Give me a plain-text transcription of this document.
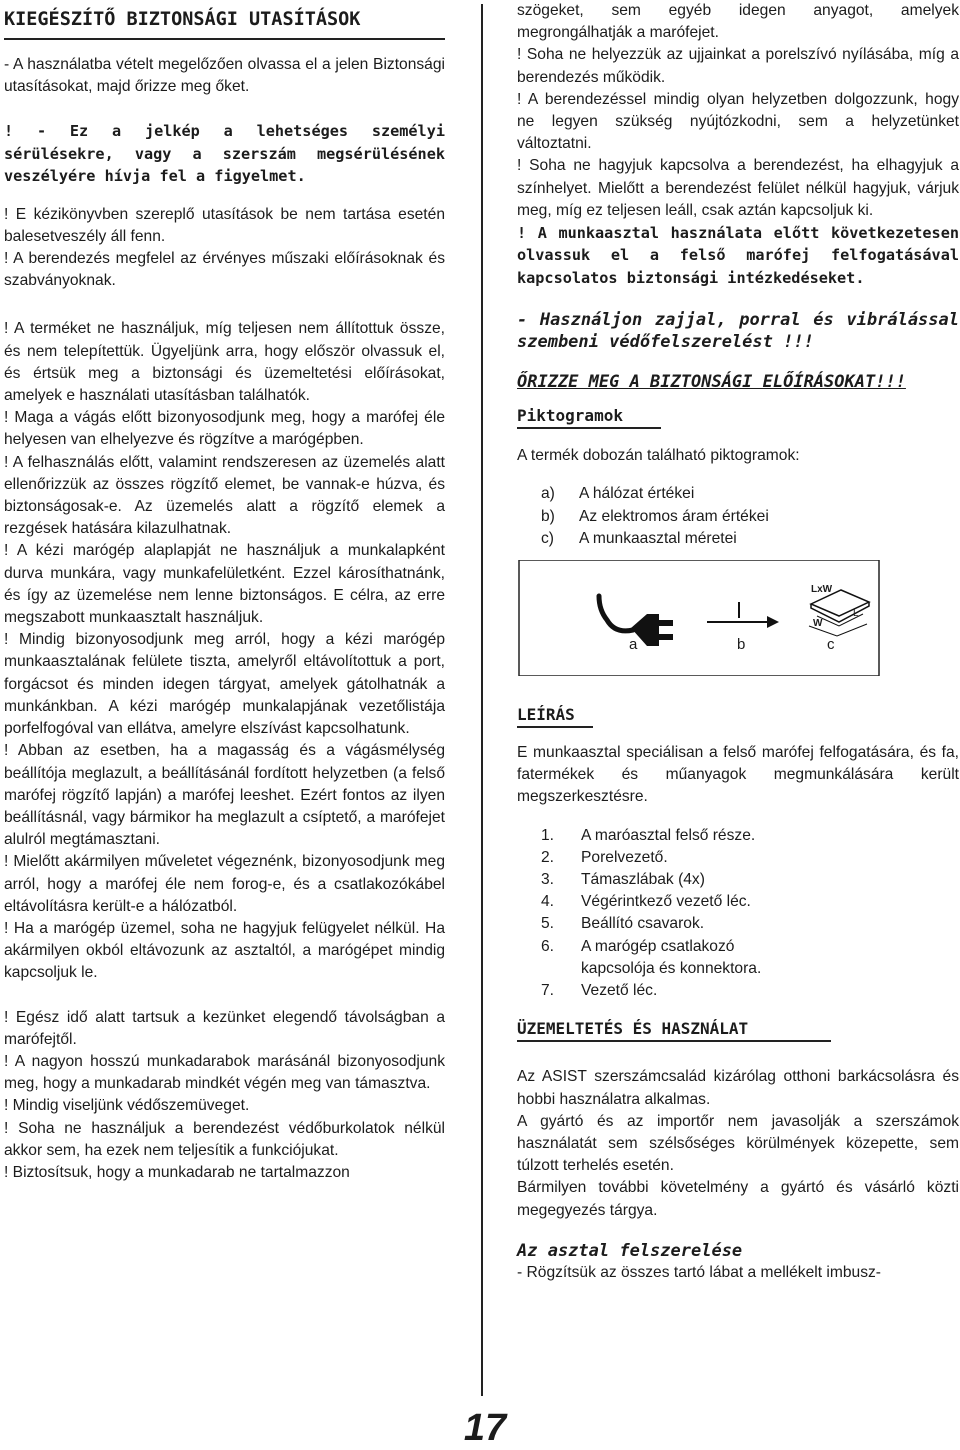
KIEGÉSZÍTŐ BIZTONSÁGI UTASÍTÁSOK

- A használatba vételt megelőzően olvassa el a jelen Biztonsági utasításokat, majd őrizze meg őket.

! - Ez a jelkép a lehetséges személyi sérülésekre, vagy a szerszám megsérülésének veszélyére hívja fel a figyelmet.

! E kézikönyvben szereplő utasítások be nem tartása esetén balesetveszély áll fenn.

! A berendezés megfelel az érvényes műszaki előírásoknak és szabványoknak.

! A terméket ne használjuk, míg teljesen nem állítottuk össze, és nem telepítettük. Ügyeljünk arra, hogy először olvassuk el, és értsük meg a biztonsági és üzemeltetési előírásokat, amelyek e használati utasításban találhatók.

! Maga a vágás előtt bizonyosodjunk meg, hogy a marófej éle helyesen van elhelyezve és rögzítve a marógépben.

! A felhasználás előtt, valamint rendszeresen az üzemelés alatt ellenőrizzük az összes rögzítő elemet, be vannak-e húzva, és biztonságosak-e. Az üzemelés alatt a rögzítő elemek a rezgések hatására kilazulhatnak.

! A kézi marógép alaplapját ne használjuk a munkalapként durva munkára, vagy munkafelületként. Ezzel károsíthatnánk, és így az üzemelése nem lenne biztonságos. E célra, az erre megszabott munkaasztalt használjuk.

! Mindig bizonyosodjunk meg arról, hogy a kézi marógép munkaasztalának felülete tiszta, amelyről eltávolítottuk a port, forgácsot és minden idegen tárgyat, amelyek gátolhatnák a munkánkban. A kézi marógép munkalapjának vezetőlistája porfelfogóval van ellátva, amelyre elszívást kapcsolhatunk.

! Abban az esetben, ha a magasság és a vágásmélység beállítója meglazult, a beállításánál fordított helyzetben (a felső marófej rögzítő lapján) a marófej leeshet. Ezért fontos az ilyen beállításnál, vagy bármikor ha meglazult a csíptető, a marófejet alulról megtámasztani.

! Mielőtt akármilyen műveletet végeznénk, bizonyosodjunk meg arról, hogy a marófej éle nem forog-e, és a csatlakozókábel eltávolításra került-e a hálózatból.

! Ha a marógép üzemel, soha ne hagyjuk felügyelet nélkül. Ha akármilyen okból eltávozunk az asztaltól, a marógépet mindig kapcsoljuk le.

! Egész idő alatt tartsuk a kezünket elegendő távolságban a marófejtől.

! A nagyon hosszú munkadarabok marásánál bizonyosodjunk meg, hogy a munkadarab mindkét végén meg van támasztva.

! Mindig viseljünk védőszemüveget.

! Soha ne használjuk a berendezést védőburkolatok nélkül akkor sem, ha ezek nem teljesítik a funkciójukat.

! Biztosítsuk, hogy a munkadarab ne tartalmazzon

szögeket, sem egyéb idegen anyagot, amelyek megrongálhatják a marófejet.

! Soha ne helyezzük az ujjainkat a porelszívó nyílásába, míg a berendezés működik.

! A berendezéssel mindig olyan helyzetben dolgozzunk, hogy ne legyen szükség nyújtózkodni, sem a helyzetünket változtatni.

! Soha ne hagyjuk kapcsolva a berendezést, ha elhagyjuk a színhelyet. Mielőtt a berendezést felület nélkül hagyjuk, várjuk meg, míg ez teljesen leáll, csak aztán kapcsoljuk ki.

! A munkaasztal használata előtt következetesen olvassuk el a felső marófej felfogatásával kapcsolatos biztonsági intézkedéseket.

- Használjon zajjal, porral és vibrálással szembeni védőfelszerelést !!!

ŐRIZZE MEG A BIZTONSÁGI ELŐÍRÁSOKAT!!!

Piktogramok

A termék dobozán található piktogramok:

a)	A hálózat értékei
b)	Az elektromos áram értékei
c)	A munkaasztal méretei
LxW
L
W
a	b	c
LEÍRÁS

E munkaasztal speciálisan a felső marófej felfogatására, és fa, fatermékek és műanyagok megmunkálására került megszerkesztésre.

1.	A maróasztal felső része.
2.	Porelvezető.
3.	Támaszlábak (4x)
4.	Végérintkező vezető léc.
5.	Beállító csavarok.
6.	A marógép csatlakozó kapcsolója és konnektora.
7.	Vezető léc.
ÜZEMELTETÉS ÉS HASZNÁLAT

Az ASIST szerszámcsalád kizárólag otthoni barkácsolásra és hobbi használatra alkalmas.

A gyártó és az importőr nem javasolják a szerszámok használatát sem szélsőséges körülmények közepette, sem túlzott terhelés esetén.

Bármilyen további követelmény a gyártó és vásárló közti megegyezés tárgya.

Az asztal felszerelése

- Rögzítsük az összes tartó lábat a mellékelt imbusz-

17
